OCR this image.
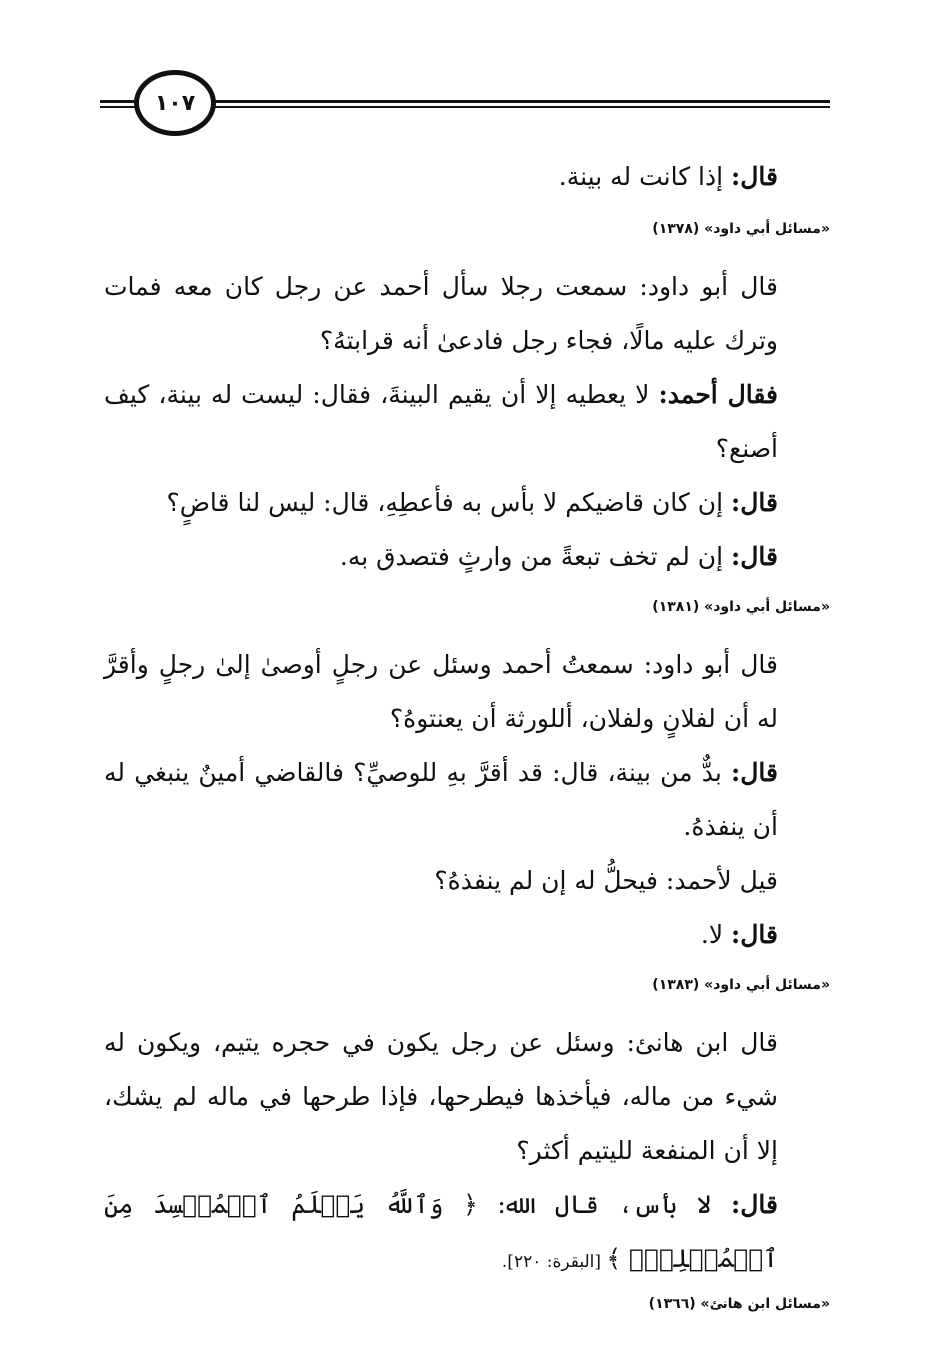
١٠٧

قال: إذا كانت له بينة.

«مسائل أبي داود» (١٣٧٨)

قال أبو داود: سمعت رجلا سأل أحمد عن رجل كان معه فمات وترك عليه مالًا، فجاء رجل فادعىٰ أنه قرابتهُ؟

فقال أحمد: لا يعطيه إلا أن يقيم البينةَ، فقال: ليست له بينة، كيف أصنع؟

قال: إن كان قاضيكم لا بأس به فأعطِهِ، قال: ليس لنا قاضٍ؟

قال: إن لم تخف تبعةً من وارثٍ فتصدق به.

«مسائل أبي داود» (١٣٨١)

قال أبو داود: سمعتُ أحمد وسئل عن رجلٍ أوصىٰ إلىٰ رجلٍ وأقرَّ له أن لفلانٍ ولفلان، أللورثة أن يعنتوهُ؟

قال: بدٌّ من بينة، قال: قد أقرَّ بهِ للوصيِّ؟ فالقاضي أمينٌ ينبغي له أن ينفذهُ.

قيل لأحمد: فيحلُّ له إن لم ينفذهُ؟

قال: لا.

«مسائل أبي داود» (١٣٨٣)

قال ابن هانئ: وسئل عن رجل يكون في حجره يتيم، ويكون له شيء من ماله، فيأخذها فيطرحها، فإذا طرحها في ماله لم يشك، إلا أن المنفعة لليتيم أكثر؟

قال: لا بأس، قال الله: ﴿ وَٱللَّهُ يَعۡلَمُ ٱلۡمُفۡسِدَ مِنَ ٱلۡمُصۡلِحِۚ ﴾ [البقرة: ٢٢٠].

«مسائل ابن هانئ» (١٣٦٦)
